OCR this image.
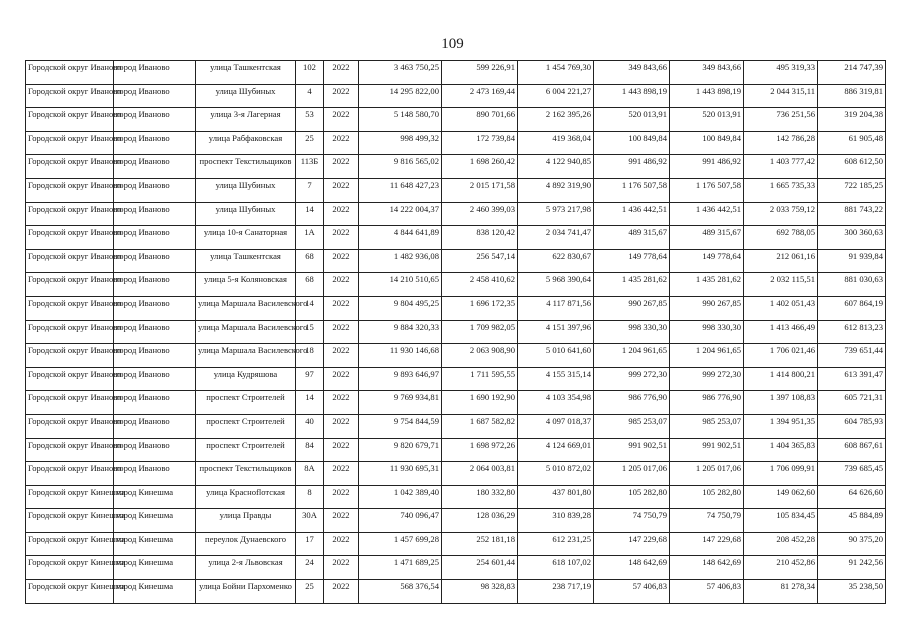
109
Городской округ Иваново	город Иваново	улица Ташкентская	102	2022	3 463 750,25	599 226,91	1 454 769,30	349 843,66	349 843,66	495 319,33	214 747,39
Городской округ Иваново	город Иваново	улица Шубиных	4	2022	14 295 822,00	2 473 169,44	6 004 221,27	1 443 898,19	1 443 898,19	2 044 315,11	886 319,81
Городской округ Иваново	город Иваново	улица 3-я Лагерная	53	2022	5 148 580,70	890 701,66	2 162 395,26	520 013,91	520 013,91	736 251,56	319 204,38
Городской округ Иваново	город Иваново	улица Рабфаковская	25	2022	998 499,32	172 739,84	419 368,04	100 849,84	100 849,84	142 786,28	61 905,48
Городской округ Иваново	город Иваново	проспект Текстильщиков	113Б	2022	9 816 565,02	1 698 260,42	4 122 940,85	991 486,92	991 486,92	1 403 777,42	608 612,50
Городской округ Иваново	город Иваново	улица Шубиных	7	2022	11 648 427,23	2 015 171,58	4 892 319,90	1 176 507,58	1 176 507,58	1 665 735,33	722 185,25
Городской округ Иваново	город Иваново	улица Шубиных	14	2022	14 222 004,37	2 460 399,03	5 973 217,98	1 436 442,51	1 436 442,51	2 033 759,12	881 743,22
Городской округ Иваново	город Иваново	улица 10-я Санаторная	1А	2022	4 844 641,89	838 120,42	2 034 741,47	489 315,67	489 315,67	692 788,05	300 360,63
Городской округ Иваново	город Иваново	улица Ташкентская	68	2022	1 482 936,08	256 547,14	622 830,67	149 778,64	149 778,64	212 061,16	91 939,84
Городской округ Иваново	город Иваново	улица 5-я Коляновская	68	2022	14 210 510,65	2 458 410,62	5 968 390,64	1 435 281,62	1 435 281,62	2 032 115,51	881 030,63
Городской округ Иваново	город Иваново	улица Маршала Василевского	14	2022	9 804 495,25	1 696 172,35	4 117 871,56	990 267,85	990 267,85	1 402 051,43	607 864,19
Городской округ Иваново	город Иваново	улица Маршала Василевского	15	2022	9 884 320,33	1 709 982,05	4 151 397,96	998 330,30	998 330,30	1 413 466,49	612 813,23
Городской округ Иваново	город Иваново	улица Маршала Василевского	18	2022	11 930 146,68	2 063 908,90	5 010 641,60	1 204 961,65	1 204 961,65	1 706 021,46	739 651,44
Городской округ Иваново	город Иваново	улица Кудряшова	97	2022	9 893 646,97	1 711 595,55	4 155 315,14	999 272,30	999 272,30	1 414 800,21	613 391,47
Городской округ Иваново	город Иваново	проспект Строителей	14	2022	9 769 934,81	1 690 192,90	4 103 354,98	986 776,90	986 776,90	1 397 108,83	605 721,31
Городской округ Иваново	город Иваново	проспект Строителей	40	2022	9 754 844,59	1 687 582,82	4 097 018,37	985 253,07	985 253,07	1 394 951,35	604 785,93
Городской округ Иваново	город Иваново	проспект Строителей	84	2022	9 820 679,71	1 698 972,26	4 124 669,01	991 902,51	991 902,51	1 404 365,83	608 867,61
Городской округ Иваново	город Иваново	проспект Текстильщиков	8А	2022	11 930 695,31	2 064 003,81	5 010 872,02	1 205 017,06	1 205 017,06	1 706 099,91	739 685,45
Городской округ Кинешма	город Кинешма	улица Красноflотская	8	2022	1 042 389,40	180 332,80	437 801,80	105 282,80	105 282,80	149 062,60	64 626,60
Городской округ Кинешма	город Кинешма	улица Правды	30А	2022	740 096,47	128 036,29	310 839,28	74 750,79	74 750,79	105 834,45	45 884,89
Городской округ Кинешма	город Кинешма	переулок Дунаевского	17	2022	1 457 699,28	252 181,18	612 231,25	147 229,68	147 229,68	208 452,28	90 375,20
Городской округ Кинешма	город Кинешма	улица 2-я Львовская	24	2022	1 471 689,25	254 601,44	618 107,02	148 642,69	148 642,69	210 452,86	91 242,56
Городской округ Кинешма	город Кинешма	улица Бойни Пархоменко	25	2022	568 376,54	98 328,83	238 717,19	57 406,83	57 406,83	81 278,34	35 238,50
